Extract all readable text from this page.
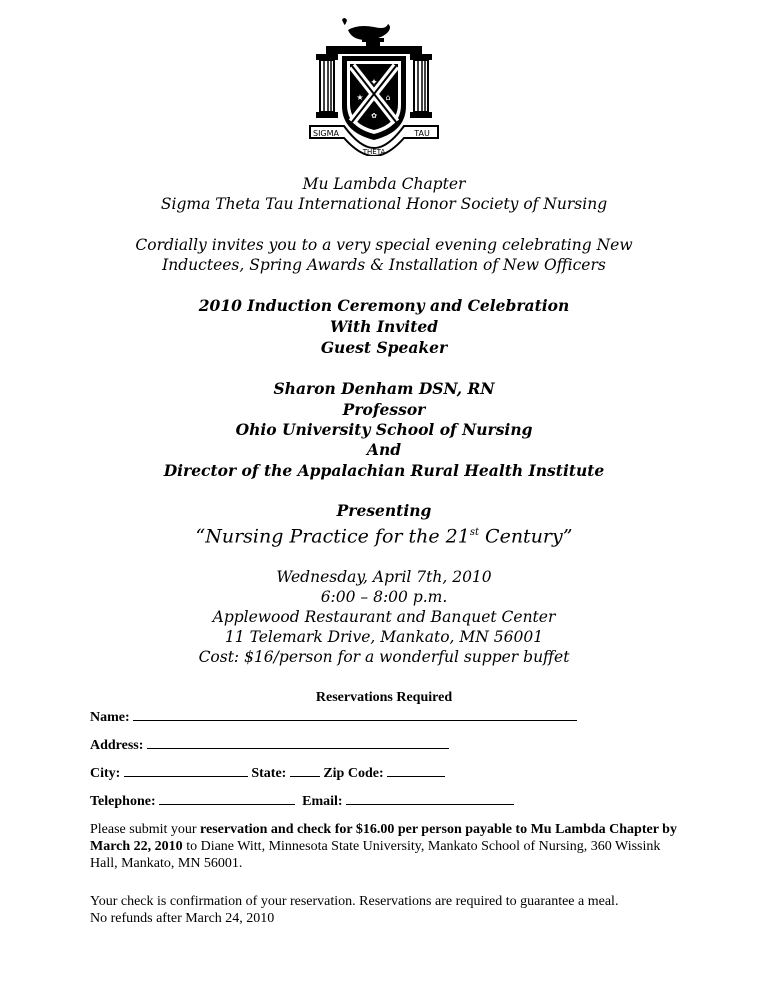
✦
★	⌂
✿
SIGMA
THETA
TAU

Mu Lambda Chapter

Sigma Theta Tau International Honor Society of Nursing

Cordially invites you to a very special evening celebrating New

Inductees, Spring Awards & Installation of New Officers

2010 Induction Ceremony and Celebration

With Invited

Guest Speaker

Sharon Denham DSN, RN

Professor

Ohio University School of Nursing

And

Director of the Appalachian Rural Health Institute

Presenting

“Nursing Practice for the 21st Century”

Wednesday, April 7th, 2010

6:00 – 8:00 p.m.

Applewood Restaurant and Banquet Center

11 Telemark Drive, Mankato, MN 56001

Cost: $16/person for a wonderful supper buffet

Reservations Required
Name:
Address:
City:	State:	Zip Code:
Telephone:	Email:

Please submit your reservation and check for $16.00 per person payable to Mu Lambda Chapter by March 22, 2010 to Diane Witt, Minnesota State University, Mankato School of Nursing, 360 Wissink Hall, Mankato, MN 56001.

Your check is confirmation of your reservation. Reservations are required to guarantee a meal.
No refunds after March 24, 2010
